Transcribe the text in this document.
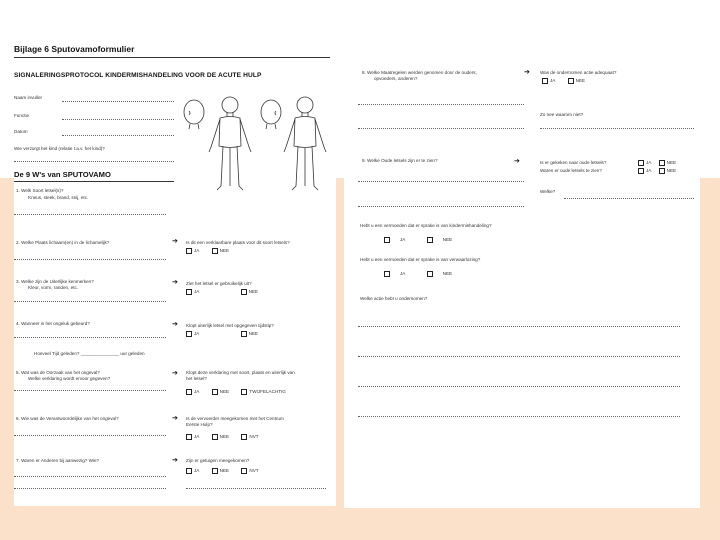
Bijlage 6 Sputovamoformulier
SIGNALERINGSPROTOCOL KINDERMISHANDELING VOOR DE ACUTE HULP
Naam invuller
Functie
Datum
Wie verzorgt het kind (relatie t.a.v. het kind)?
De 9 W's van SPUTOVAMO
1. Welk Soort letsel(s)?
Kneus, steek, brand, snij, etc.
2. Welke Plaats lichaam(en) in de lichamelijk?	➔ Is dit een verklaarbare plaats voor dit soort letsels?
JA	NEE
3. Welke zijn de Uiterlijke kenmerken?
Kleur, vorm, randen, etc.
➔ Ziet het letsel er gebruikelijk uit?
JA	NEE
4. Wanneer is het ongeluk gebeurd?	➔ Klopt uiterlijk letsel met opgegeven tijdstip?
JA	NEE
Hoeveel Tijd geleden? _______________ uur geleden
5. Wat was de Oorzaak van het ongeval?
Welke verklaring wordt ervoor gegeven?
➔ Klopt deze verklaring met soort, plaats en uiterlijk van
het letsel?
JA	NEE	TWIJFELACHTIG
6. Wie was de Verantwoordelijke van het ongeval?	➔ Is de vervoerder meegekomen met het Centrum
Eerste Hulp?
JA	NEE	NVT
7. Waren er Anderen bij aanwezig? Wie?	➔ Zijn er getuigen meegekomen?
JA	NEE	NVT
8. Welke Maatregelen werden genomen door de ouders,
opvoeders, anderen?
➔ Was de ondernomen actie adequaat?
JA	NEE
Zo nee waarom niet?
9. Welke Oude letsels zijn er te zien?	➔	Is er gekeken naar oude letsels?	JA	NEE
Waren er oude letsels te zien?	JA	NEE
Welke?
Hebt u een vermoeden dat er sprake is van kindermishandeling?
JA	NEE
Hebt u een vermoeden dat er sprake is van verwaarlozing?
JA	NEE
Welke actie hebt u ondernomen?
